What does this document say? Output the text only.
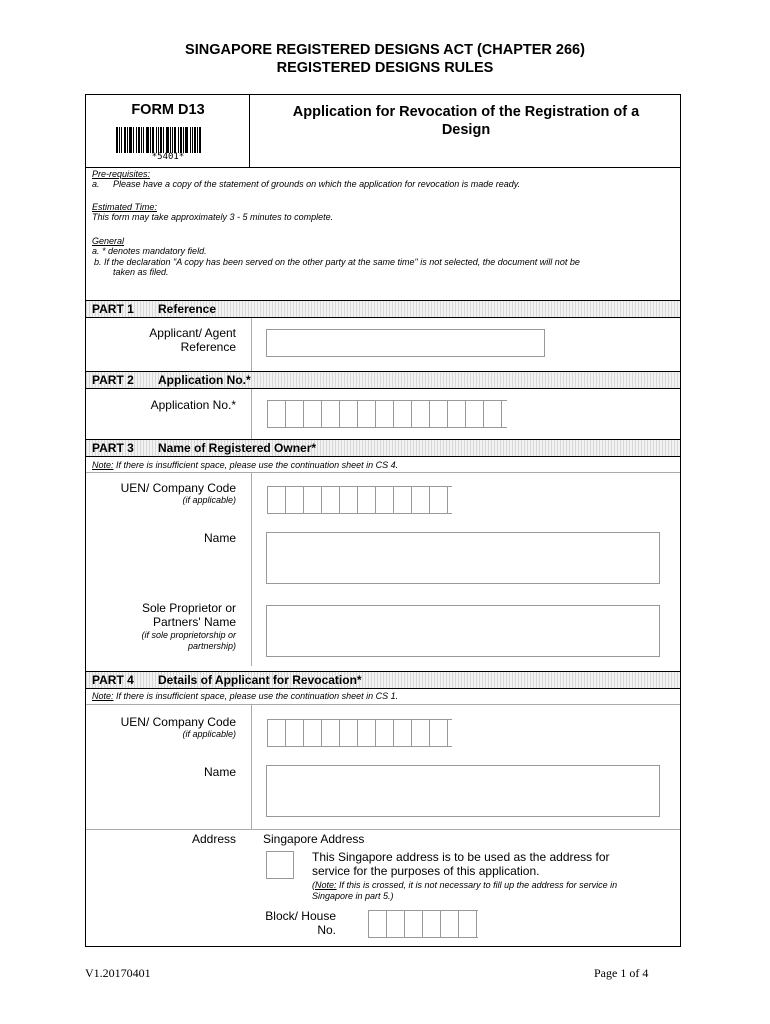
SINGAPORE REGISTERED DESIGNS ACT (CHAPTER 266)
REGISTERED DESIGNS RULES
FORM D13
*5401*
Application for Revocation of the Registration of a
Design
Pre-requisites:
a. Please have a copy of the statement of grounds on which the application for revocation is made ready.
Estimated Time:
This form may take approximately 3 - 5 minutes to complete.
General
a. * denotes mandatory field.
b. If the declaration "A copy has been served on the other party at the same time" is not selected, the document will not be
taken as filed.
PART 1 Reference
Applicant/ Agent
Reference
PART 2 Application No.*
Application No.*
PART 3 Name of Registered Owner*
Note: If there is insufficient space, please use the continuation sheet in CS 4.
UEN/ Company Code
(if applicable)
Name
Sole Proprietor or
Partners' Name
(if sole proprietorship or
partnership)
PART 4 Details of Applicant for Revocation*
Note: If there is insufficient space, please use the continuation sheet in CS 1.
UEN/ Company Code
(if applicable)
Name
Address Singapore Address
This Singapore address is to be used as the address for
service for the purposes of this application.
(Note: If this is crossed, it is not necessary to fill up the address for service in
Singapore in part 5.)
Block/ House
No.
V1.20170401	Page 1 of 4
